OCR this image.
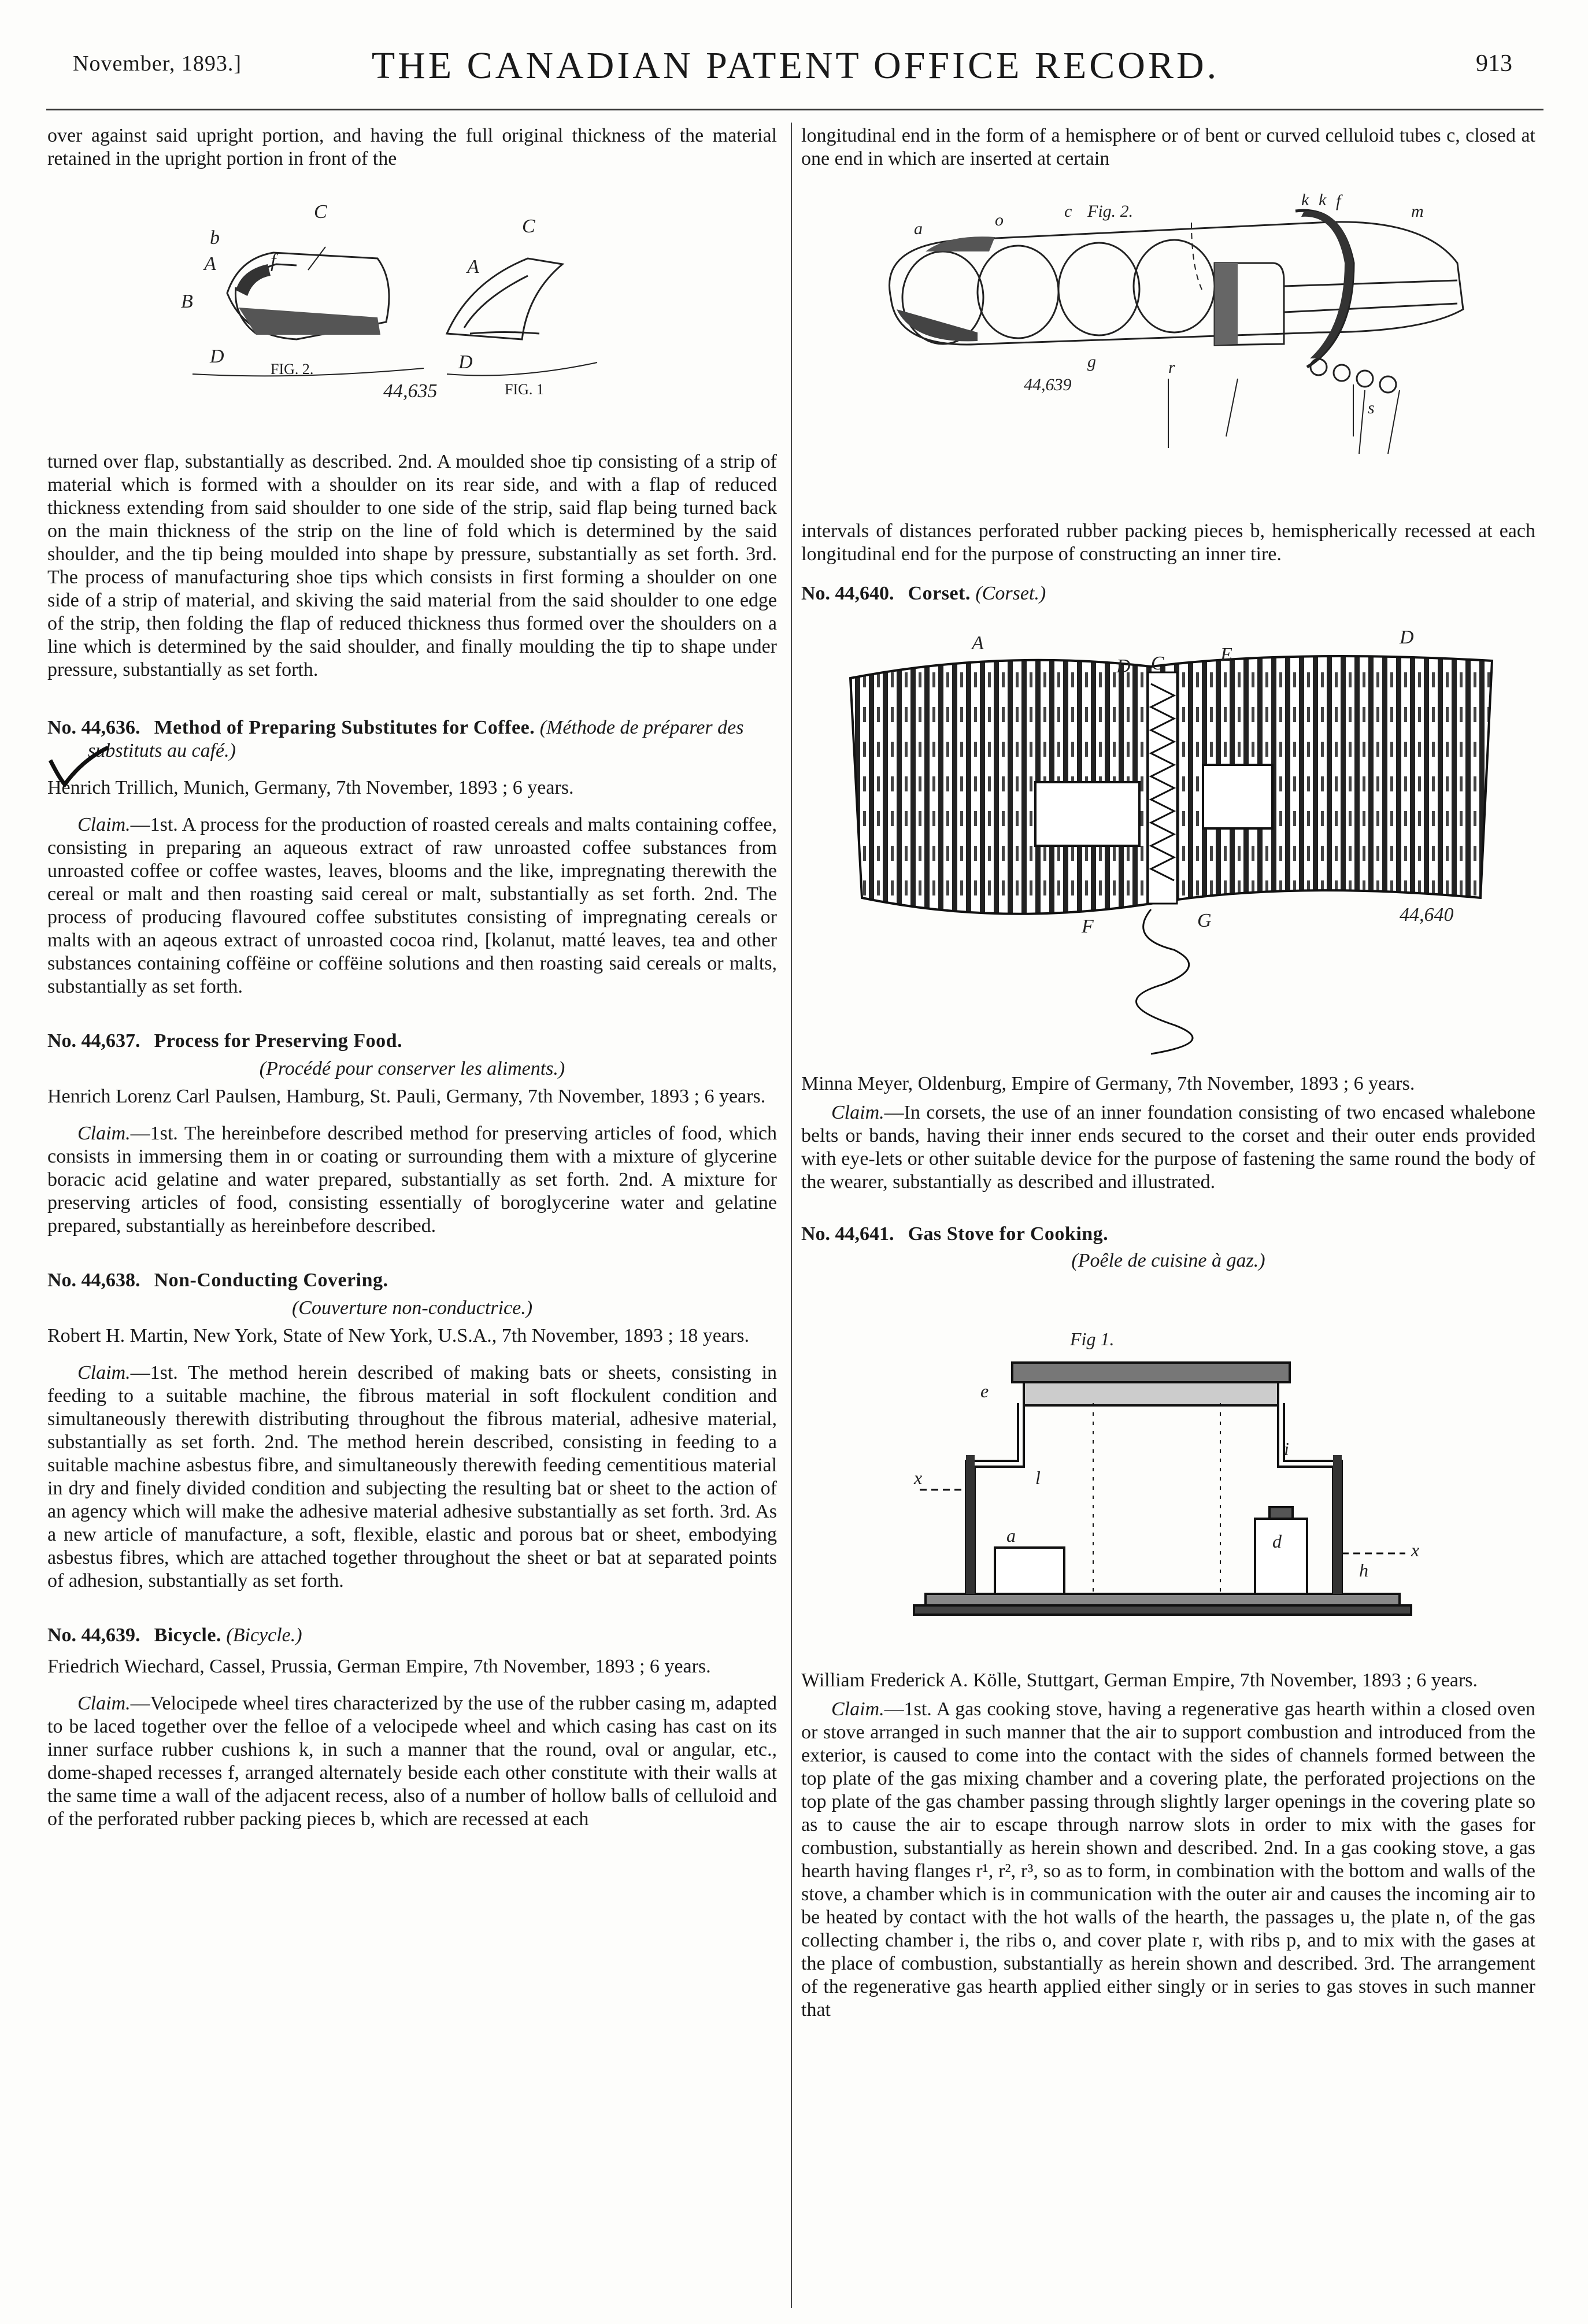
November, 1893.]	THE CANADIAN PATENT OFFICE RECORD.	913

over against said upright portion, and having the full original thickness of the material retained in the upright portion in front of the

C
b
A	f
B
D
FIG. 2.
C
A
D
44,635	FIG. 1

turned over flap, substantially as described. 2nd. A moulded shoe tip consisting of a strip of material which is formed with a shoulder on its rear side, and with a flap of reduced thickness extending from said shoulder to one side of the strip, said flap being turned back on the main thickness of the strip on the line of fold which is determined by the said shoulder, and the tip being moulded into shape by pressure, substantially as set forth. 3rd. The process of manufacturing shoe tips which consists in first forming a shoulder on one side of a strip of material, and skiving the said material from the said shoulder to one edge of the strip, then folding the flap of reduced thickness thus formed over the shoulders on a line which is determined by the said shoulder, and finally moulding the tip to shape under pressure, substantially as set forth.

No. 44,636. Method of Preparing Substitutes for Coffee. (Méthode de préparer des substituts au café.)

Henrich Trillich, Munich, Germany, 7th November, 1893 ; 6 years.

Claim.—1st. A process for the production of roasted cereals and malts containing coffee, consisting in preparing an aqueous extract of raw unroasted coffee substances from unroasted coffee or coffee wastes, leaves, blooms and the like, impregnating therewith the cereal or malt and then roasting said cereal or malt, substantially as set forth. 2nd. The process of producing flavoured coffee substitutes consisting of impregnating cereals or malts with an aqeous extract of unroasted cocoa rind, [kolanut, matté leaves, tea and other substances containing coffëine or coffëine solutions and then roasting said cereals or malts, substantially as set forth.

No. 44,637. Process for Preserving Food.

(Procédé pour conserver les aliments.)

Henrich Lorenz Carl Paulsen, Hamburg, St. Pauli, Germany, 7th November, 1893 ; 6 years.

Claim.—1st. The hereinbefore described method for preserving articles of food, which consists in immersing them in or coating or surrounding them with a mixture of glycerine boracic acid gelatine and water prepared, substantially as set forth. 2nd. A mixture for preserving articles of food, consisting essentially of boroglycerine water and gelatine prepared, substantially as hereinbefore described.

No. 44,638. Non-Conducting Covering.

(Couverture non-conductrice.)

Robert H. Martin, New York, State of New York, U.S.A., 7th November, 1893 ; 18 years.

Claim.—1st. The method herein described of making bats or sheets, consisting in feeding to a suitable machine, the fibrous material in soft flockulent condition and simultaneously therewith distributing throughout the fibrous material, adhesive material, substantially as set forth. 2nd. The method herein described, consisting in feeding to a suitable machine asbestus fibre, and simultaneously therewith feeding cementitious material in dry and finely divided condition and subjecting the resulting bat or sheet to the action of an agency which will make the adhesive material adhesive substantially as set forth. 3rd. As a new article of manufacture, a soft, flexible, elastic and porous bat or sheet, embodying asbestus fibres, which are attached together throughout the sheet or bat at separated points of adhesion, substantially as set forth.

No. 44,639. Bicycle. (Bicycle.)

Friedrich Wiechard, Cassel, Prussia, German Empire, 7th November, 1893 ; 6 years.

Claim.—Velocipede wheel tires characterized by the use of the rubber casing m, adapted to be laced together over the felloe of a velocipede wheel and which casing has cast on its inner surface rubber cushions k, in such a manner that the round, oval or angular, etc., dome-shaped recesses f, arranged alternately beside each other constitute with their walls at the same time a wall of the adjacent recess, also of a number of hollow balls of celluloid and of the perforated rubber packing pieces b, which are recessed at each

longitudinal end in the form of a hemisphere or of bent or curved celluloid tubes c, closed at one end in which are inserted at certain

a	o	c Fig. 2.
k k f
m
g	r
44,639
s

intervals of distances perforated rubber packing pieces b, hemispherically recessed at each longitudinal end for the purpose of constructing an inner tire.

No. 44,640. Corset. (Corset.)

A
D C	E
D
F	G	44,640

Minna Meyer, Oldenburg, Empire of Germany, 7th November, 1893 ; 6 years.

Claim.—In corsets, the use of an inner foundation consisting of two encased whalebone belts or bands, having their inner ends secured to the corset and their outer ends provided with eye-lets or other suitable device for the purpose of fastening the same round the body of the wearer, substantially as described and illustrated.

No. 44,641. Gas Stove for Cooking.

(Poêle de cuisine à gaz.)

Fig 1.
x	l
a	d
e
h
x
i

William Frederick A. Kölle, Stuttgart, German Empire, 7th November, 1893 ; 6 years.

Claim.—1st. A gas cooking stove, having a regenerative gas hearth within a closed oven or stove arranged in such manner that the air to support combustion and introduced from the exterior, is caused to come into the contact with the sides of channels formed between the top plate of the gas mixing chamber and a covering plate, the perforated projections on the top plate of the gas chamber passing through slightly larger openings in the covering plate so as to cause the air to escape through narrow slots in order to mix with the gases for combustion, substantially as herein shown and described. 2nd. In a gas cooking stove, a gas hearth having flanges r¹, r², r³, so as to form, in combination with the bottom and walls of the stove, a chamber which is in communication with the outer air and causes the incoming air to be heated by contact with the hot walls of the hearth, the passages u, the plate n, of the gas collecting chamber i, the ribs o, and cover plate r, with ribs p, and to mix with the gases at the place of combustion, substantially as herein shown and described. 3rd. The arrangement of the regenerative gas hearth applied either singly or in series to gas stoves in such manner that
